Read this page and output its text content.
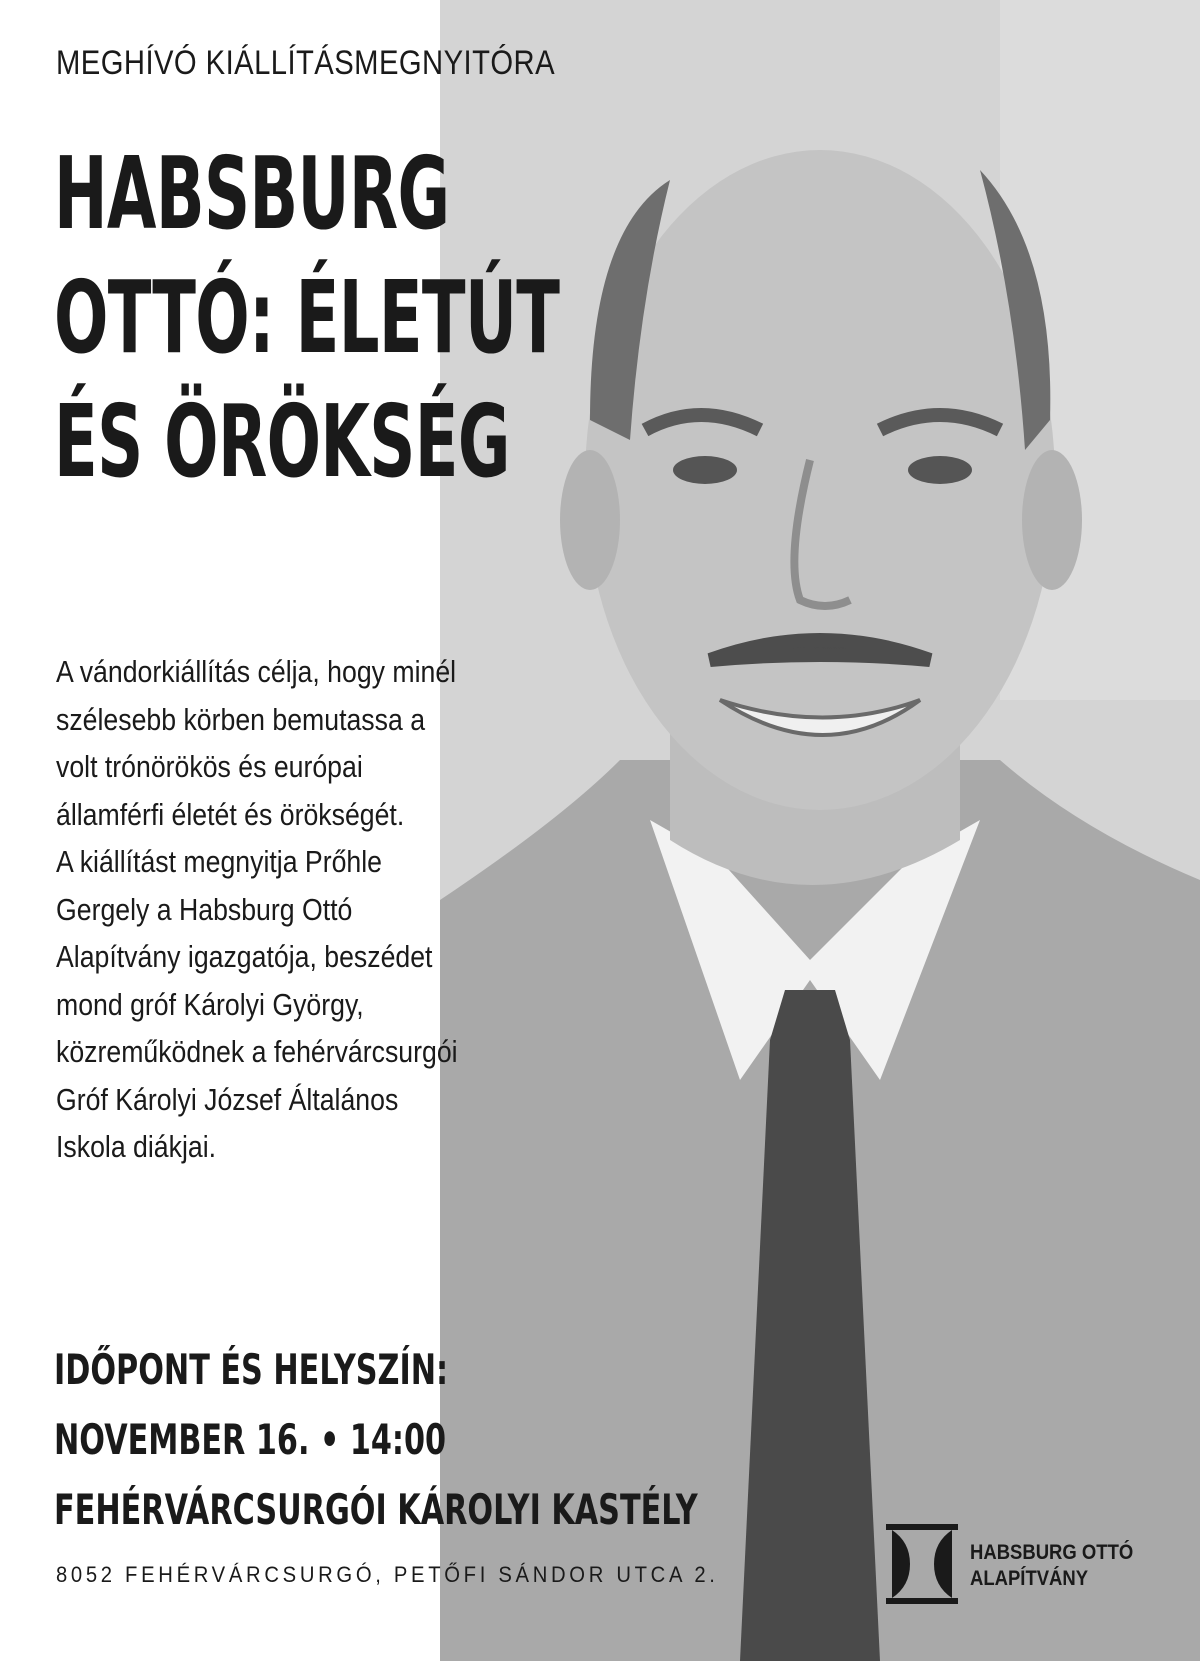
MEGHÍVÓ KIÁLLÍTÁSMEGNYITÓRA
HABSBURG
OTTÓ: ÉLETÚT
ÉS ÖRÖKSÉG
A vándorkiállítás célja, hogy minél
szélesebb körben bemutassa a
volt trónörökös és európai
államférfi életét és örökségét.
A kiállítást megnyitja Prőhle
Gergely a Habsburg Ottó
Alapítvány igazgatója, beszédet
mond gróf Károlyi György,
közreműködnek a fehérvárcsurgói
Gróf Károlyi József Általános
Iskola diákjai.
IDŐPONT ÉS HELYSZÍN:
NOVEMBER 16. • 14:00
FEHÉRVÁRCSURGÓI KÁROLYI KASTÉLY
8052 FEHÉRVÁRCSURGÓ, PETŐFI SÁNDOR UTCA 2.
HABSBURG OTTÓ
ALAPÍTVÁNY
